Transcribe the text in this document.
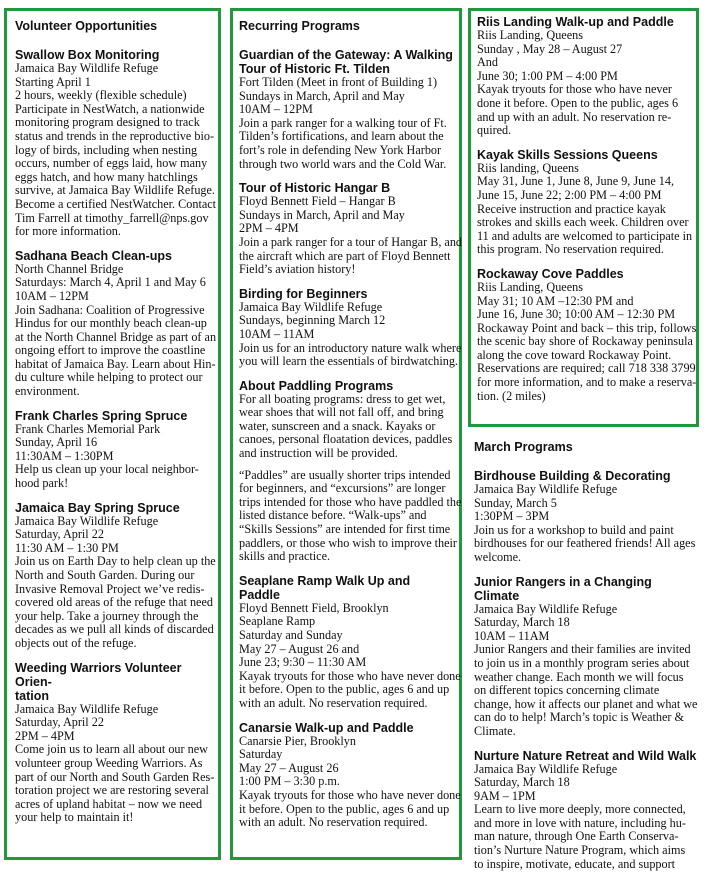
Volunteer Opportunities
Swallow Box Monitoring
Jamaica Bay Wildlife Refuge
Starting April 1
2 hours, weekly (flexible schedule)
Participate in NestWatch, a nationwide
monitoring program designed to track
status and trends in the reproductive bio-
logy of birds, including when nesting
occurs, number of eggs laid, how many
eggs hatch, and how many hatchlings
survive, at Jamaica Bay Wildlife Refuge.
Become a certified NestWatcher. Contact
Tim Farrell at timothy_farrell@nps.gov
for more information.
Sadhana Beach Clean-ups
North Channel Bridge
Saturdays: March 4, April 1 and May 6
10AM – 12PM
Join Sadhana: Coalition of Progressive
Hindus for our monthly beach clean-up
at the North Channel Bridge as part of an
ongoing effort to improve the coastline
habitat of Jamaica Bay. Learn about Hin-
du culture while helping to protect our
environment.
Frank Charles Spring Spruce
Frank Charles Memorial Park
Sunday, April 16
11:30AM – 1:30PM
Help us clean up your local neighbor-
hood park!
Jamaica Bay Spring Spruce
Jamaica Bay Wildlife Refuge
Saturday, April 22
11:30 AM – 1:30 PM
Join us on Earth Day to help clean up the
North and South Garden. During our
Invasive Removal Project we’ve redis-
covered old areas of the refuge that need
your help. Take a journey through the
decades as we pull all kinds of discarded
objects out of the refuge.
Weeding Warriors Volunteer Orien-
tation
Jamaica Bay Wildlife Refuge
Saturday, April 22
2PM – 4PM
Come join us to learn all about our new
volunteer group Weeding Warriors. As
part of our North and South Garden Res-
toration project we are restoring several
acres of upland habitat – now we need
your help to maintain it!
Recurring Programs
Guardian of the Gateway: A Walking
Tour of Historic Ft. Tilden
Fort Tilden (Meet in front of Building 1)
Sundays in March, April and May
10AM – 12PM
Join a park ranger for a walking tour of Ft.
Tilden’s fortifications, and learn about the
fort’s role in defending New York Harbor
through two world wars and the Cold War.
Tour of Historic Hangar B
Floyd Bennett Field – Hangar B
Sundays in March, April and May
2PM – 4PM
Join a park ranger for a tour of Hangar B, and
the aircraft which are part of Floyd Bennett
Field’s aviation history!
Birding for Beginners
Jamaica Bay Wildlife Refuge
Sundays, beginning March 12
10AM – 11AM
Join us for an introductory nature walk where
you will learn the essentials of birdwatching.
About Paddling Programs
For all boating programs: dress to get wet,
wear shoes that will not fall off, and bring
water, sunscreen and a snack. Kayaks or
canoes, personal floatation devices, paddles
and instruction will be provided.
“Paddles” are usually shorter trips intended
for beginners, and “excursions” are longer
trips intended for those who have paddled the
listed distance before. “Walk-ups” and
“Skills Sessions” are intended for first time
paddlers, or those who wish to improve their
skills and practice.
Seaplane Ramp Walk Up and Paddle
Floyd Bennett Field, Brooklyn
Seaplane Ramp
Saturday and Sunday
May 27 – August 26 and
June 23; 9:30 – 11:30 AM
Kayak tryouts for those who have never done
it before. Open to the public, ages 6 and up
with an adult. No reservation required.
Canarsie Walk-up and Paddle
Canarsie Pier, Brooklyn
Saturday
May 27 – August 26
1:00 PM – 3:30 p.m.
Kayak tryouts for those who have never done
it before. Open to the public, ages 6 and up
with an adult. No reservation required.
Riis Landing Walk-up and Paddle
Riis Landing, Queens
Sunday , May 28 – August 27
And
June 30; 1:00 PM – 4:00 PM
Kayak tryouts for those who have never
done it before. Open to the public, ages 6
and up with an adult. No reservation re-
quired.
Kayak Skills Sessions Queens
Riis landing, Queens
May 31, June 1, June 8, June 9, June 14,
June 15, June 22; 2:00 PM – 4:00 PM
Receive instruction and practice kayak
strokes and skills each week. Children over
11 and adults are welcomed to participate in
this program. No reservation required.
Rockaway Cove Paddles
Riis Landing, Queens
May 31; 10 AM –12:30 PM and
June 16, June 30; 10:00 AM – 12:30 PM
Rockaway Point and back – this trip, follows
the scenic bay shore of Rockaway peninsula
along the cove toward Rockaway Point.
Reservations are required; call 718 338 3799
for more information, and to make a reserva-
tion. (2 miles)
March Programs
Birdhouse Building & Decorating
Jamaica Bay Wildlife Refuge
Sunday, March 5
1:30PM – 3PM
Join us for a workshop to build and paint
birdhouses for our feathered friends! All ages
welcome.
Junior Rangers in a Changing Climate
Jamaica Bay Wildlife Refuge
Saturday, March 18
10AM – 11AM
Junior Rangers and their families are invited
to join us in a monthly program series about
weather change. Each month we will focus
on different topics concerning climate
change, how it affects our planet and what we
can do to help! March’s topic is Weather &
Climate.
Nurture Nature Retreat and Wild Walk
Jamaica Bay Wildlife Refuge
Saturday, March 18
9AM – 1PM
Learn to live more deeply, more connected,
and more in love with nature, including hu-
man nature, through One Earth Conserva-
tion’s Nurture Nature Program, which aims
to inspire, motivate, educate, and support
